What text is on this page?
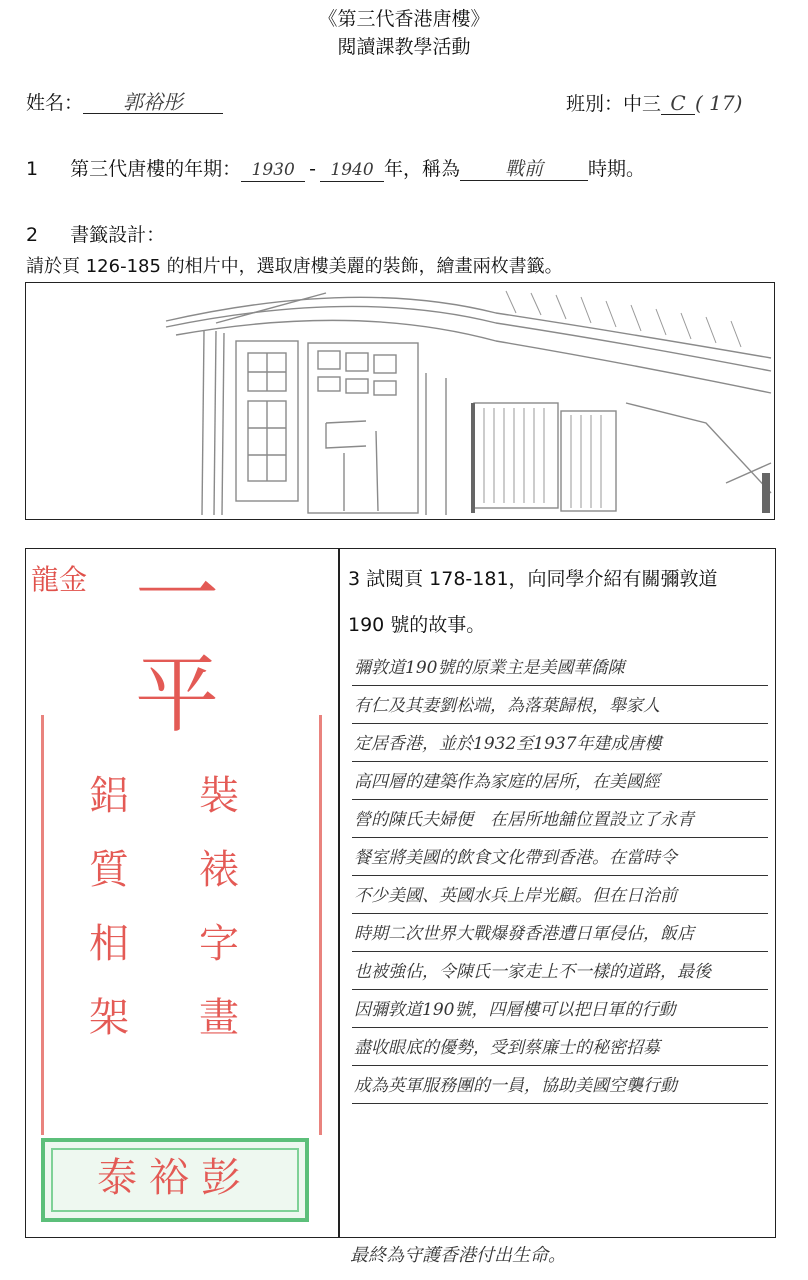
《第三代香港唐樓》
閱讀課教學活動
姓名： 郭裕彤	班別：中三 C ( 17)
1 第三代唐樓的年期： 1930 - 1940 年，稱為 戰前 時期。
2 書籤設計：
請於頁 126-185 的相片中，選取唐樓美麗的裝飾，繪畫兩枚書籤。
龍金 一
平
裝
裱
字
畫
鋁
質
相
架
泰裕彭
3 試閱頁 178-181，向同學介紹有關彌敦道
190 號的故事。
彌敦道190號的原業主是美國華僑陳
有仁及其妻劉松端，為落葉歸根，舉家人
定居香港，並於1932至1937年建成唐樓
高四層的建築作為家庭的居所，在美國經
營的陳氏夫婦便　在居所地舖位置設立了永青
餐室將美國的飲食文化帶到香港。在當時令
不少美國、英國水兵上岸光顧。但在日治前
時期二次世界大戰爆發香港遭日軍侵佔，飯店
也被強佔，令陳氏一家走上不一樣的道路，最後
因彌敦道190號，四層樓可以把日軍的行動
盡收眼底的優勢，受到蔡廉士的秘密招募
成為英軍服務團的一員，協助美國空襲行動
最終為守護香港付出生命。
